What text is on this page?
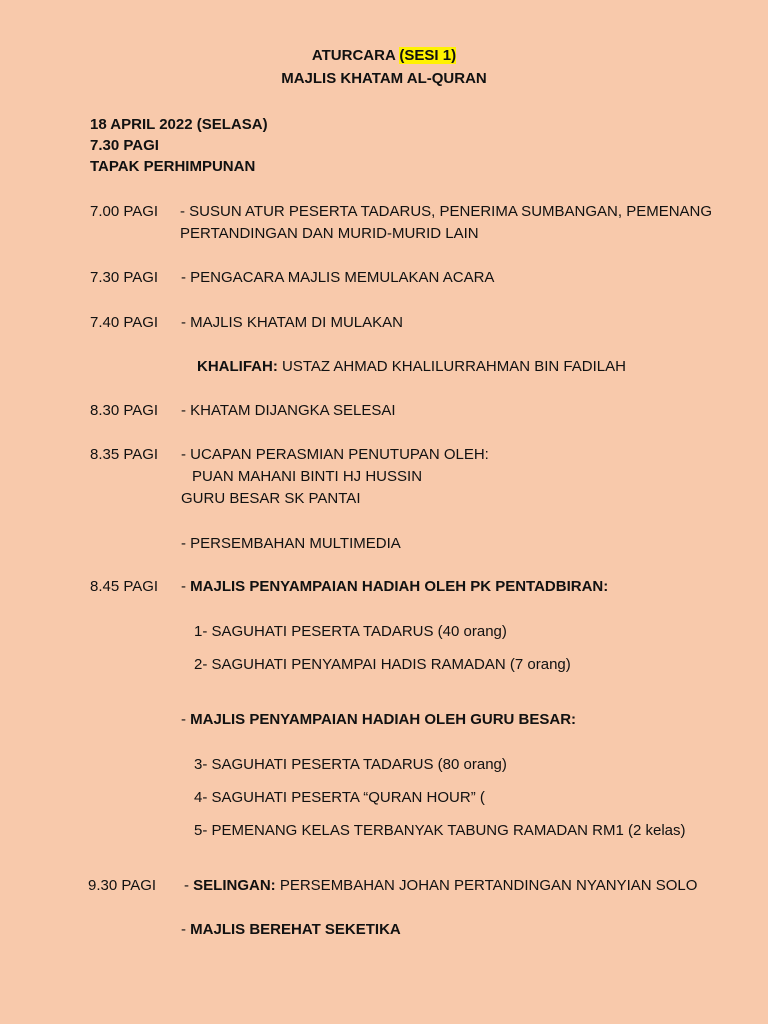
ATURCARA (SESI 1)
MAJLIS KHATAM AL-QURAN
18 APRIL 2022 (SELASA)
7.30 PAGI
TAPAK PERHIMPUNAN
7.00 PAGI - SUSUN ATUR PESERTA TADARUS, PENERIMA SUMBANGAN, PEMENANG
PERTANDINGAN DAN MURID-MURID LAIN
7.30 PAGI - PENGACARA MAJLIS MEMULAKAN ACARA
7.40 PAGI - MAJLIS KHATAM DI MULAKAN
KHALIFAH: USTAZ AHMAD KHALILURRAHMAN BIN FADILAH
8.30 PAGI - KHATAM DIJANGKA SELESAI
8.35 PAGI - UCAPAN PERASMIAN PENUTUPAN OLEH:
PUAN MAHANI BINTI HJ HUSSIN
GURU BESAR SK PANTAI
- PERSEMBAHAN MULTIMEDIA
8.45 PAGI - MAJLIS PENYAMPAIAN HADIAH OLEH PK PENTADBIRAN:
1- SAGUHATI PESERTA TADARUS (40 orang)
2- SAGUHATI PENYAMPAI HADIS RAMADAN (7 orang)
- MAJLIS PENYAMPAIAN HADIAH OLEH GURU BESAR:
3- SAGUHATI PESERTA TADARUS (80 orang)
4- SAGUHATI PESERTA “QURAN HOUR” (
5- PEMENANG KELAS TERBANYAK TABUNG RAMADAN RM1 (2 kelas)
9.30 PAGI - SELINGAN: PERSEMBAHAN JOHAN PERTANDINGAN NYANYIAN SOLO
- MAJLIS BEREHAT SEKETIKA
